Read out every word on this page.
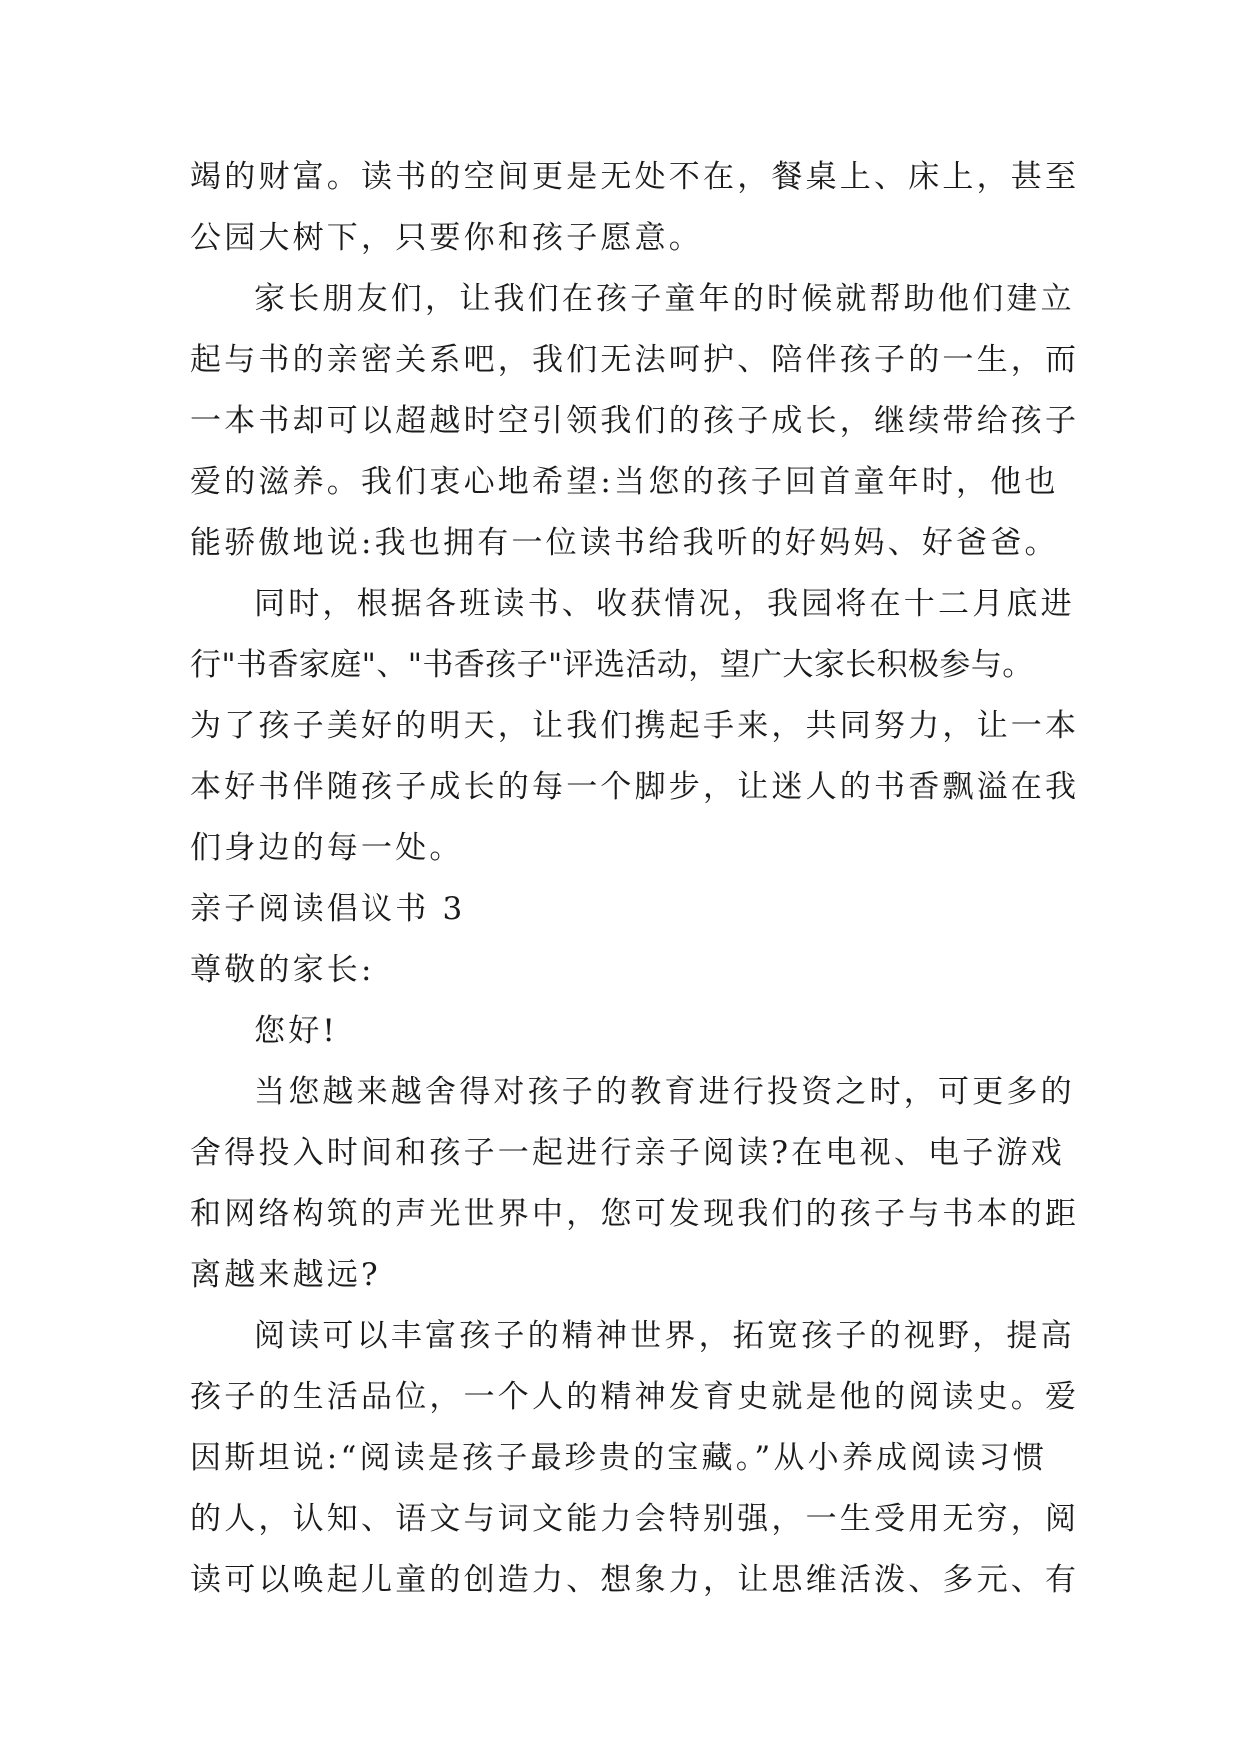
竭的财富。读书的空间更是无处不在，餐桌上、床上，甚至
公园大树下，只要你和孩子愿意。
家长朋友们，让我们在孩子童年的时候就帮助他们建立
起与书的亲密关系吧，我们无法呵护、陪伴孩子的一生，而
一本书却可以超越时空引领我们的孩子成长，继续带给孩子
爱的滋养。我们衷心地希望:当您的孩子回首童年时，他也
能骄傲地说:我也拥有一位读书给我听的好妈妈、好爸爸。
同时，根据各班读书、收获情况，我园将在十二月底进
行"书香家庭"、"书香孩子"评选活动，望广大家长积极参与。
为了孩子美好的明天，让我们携起手来，共同努力，让一本
本好书伴随孩子成长的每一个脚步，让迷人的书香飘溢在我
们身边的每一处。
亲子阅读倡议书 3
尊敬的家长:
您好!
当您越来越舍得对孩子的教育进行投资之时，可更多的
舍得投入时间和孩子一起进行亲子阅读?在电视、电子游戏
和网络构筑的声光世界中，您可发现我们的孩子与书本的距
离越来越远?
阅读可以丰富孩子的精神世界，拓宽孩子的视野，提高
孩子的生活品位，一个人的精神发育史就是他的阅读史。爱
因斯坦说:“阅读是孩子最珍贵的宝藏。”从小养成阅读习惯
的人，认知、语文与词文能力会特别强，一生受用无穷，阅
读可以唤起儿童的创造力、想象力，让思维活泼、多元、有
